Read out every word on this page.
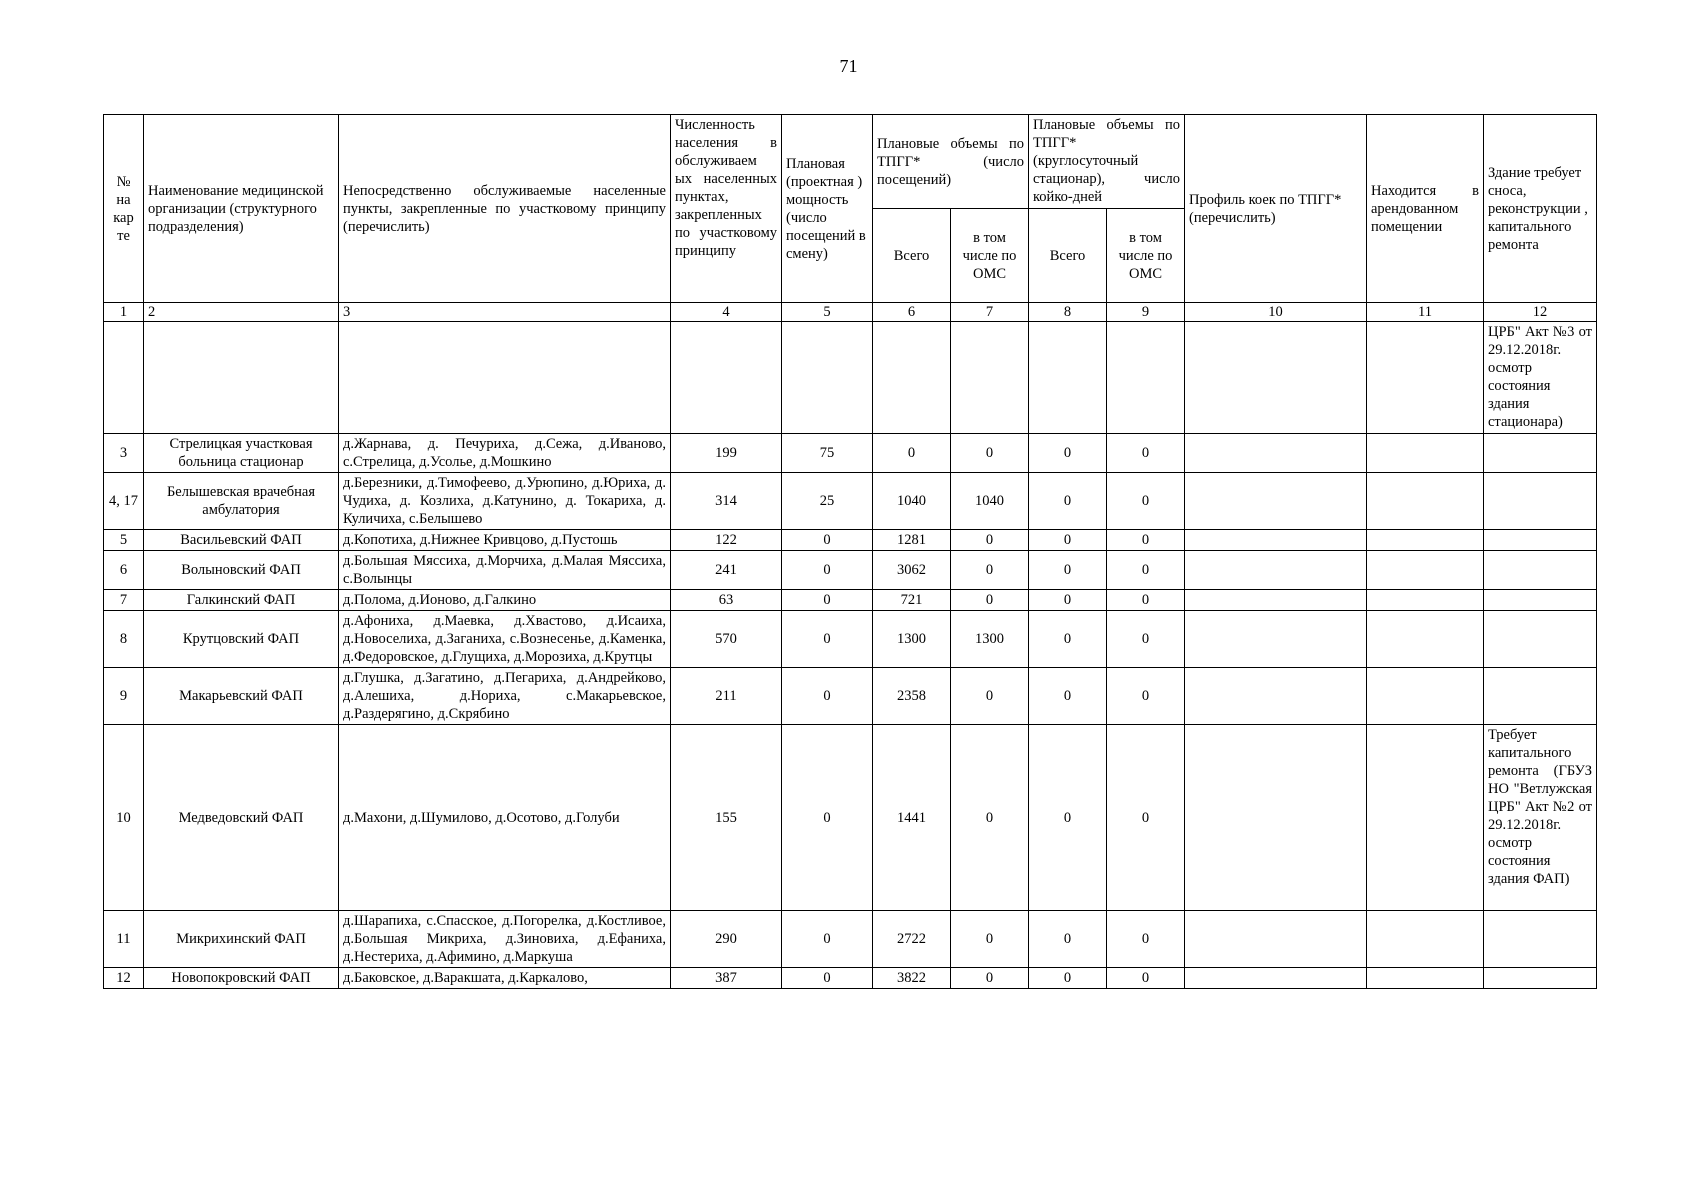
71
№ на кар те	Наименование медицинской организации (структурного подразделения)	Непосредственно обслуживаемые населенные пункты, закрепленные по участковому принципу (перечислить)	Численность населения в обслуживаем ых населенных пунктах, закрепленных по участковому принципу	Плановая (проектная ) мощность (число посещений в смену)	Плановые объемы по ТПГГ* (число посещений)		Плановые объемы по ТПГГ* (круглосуточный стационар), число койко-дней		Профиль коек по ТПГГ* (перечислить)	Находится в арендованном помещении	Здание требует сноса, реконструкции , капитального ремонта
					Всего	в том числе по ОМС	Всего	в том числе по ОМС			
1	2	3	4	5	6	7	8	9	10	11	12
											ЦРБ" Акт №3 от 29.12.2018г. осмотр состояния здания стационара)
3	Стрелицкая участковая больница стационар	д.Жарнава, д. Печуриха, д.Сежа, д.Иваново, с.Стрелица, д.Усолье, д.Мошкино	199	75	0	0	0	0			
4, 17	Белышевская врачебная амбулатория	д.Березники, д.Тимофеево, д.Урюпино, д.Юриха, д. Чудиха, д. Козлиха, д.Катунино, д. Токариха, д. Куличиха, с.Белышево	314	25	1040	1040	0	0			
5	Васильевский ФАП	д.Копотиха, д.Нижнее Кривцово, д.Пустошь	122	0	1281	0	0	0			
6	Волыновский ФАП	д.Большая Мяссиха, д.Морчиха, д.Малая Мяссиха, с.Волынцы	241	0	3062	0	0	0			
7	Галкинский ФАП	д.Полома, д.Ионово, д.Галкино	63	0	721	0	0	0			
8	Крутцовский ФАП	д.Афониха, д.Маевка, д.Хвастово, д.Исаиха, д.Новоселиха, д.Заганиха, с.Вознесенье, д.Каменка, д.Федоровское, д.Глущиха, д.Морозиха, д.Крутцы	570	0	1300	1300	0	0			
9	Макарьевский ФАП	д.Глушка, д.Загатино, д.Пегариха, д.Андрейково, д.Алешиха, д.Нориха, с.Макарьевское, д.Раздерягино, д.Скрябино	211	0	2358	0	0	0			
10	Медведовский ФАП	д.Махони, д.Шумилово, д.Осотово, д.Голуби	155	0	1441	0	0	0			Требует капитального ремонта (ГБУЗ НО "Ветлужская ЦРБ" Акт №2 от 29.12.2018г. осмотр состояния здания ФАП)
11	Микрихинский ФАП	д.Шарапиха, с.Спасское, д.Погорелка, д.Костливое, д.Большая Микриха, д.Зиновиха, д.Ефаниха, д.Нестериха, д.Афимино, д.Маркуша	290	0	2722	0	0	0			
12	Новопокровский ФАП	д.Баковское, д.Варакшата, д.Каркалово,	387	0	3822	0	0	0			
